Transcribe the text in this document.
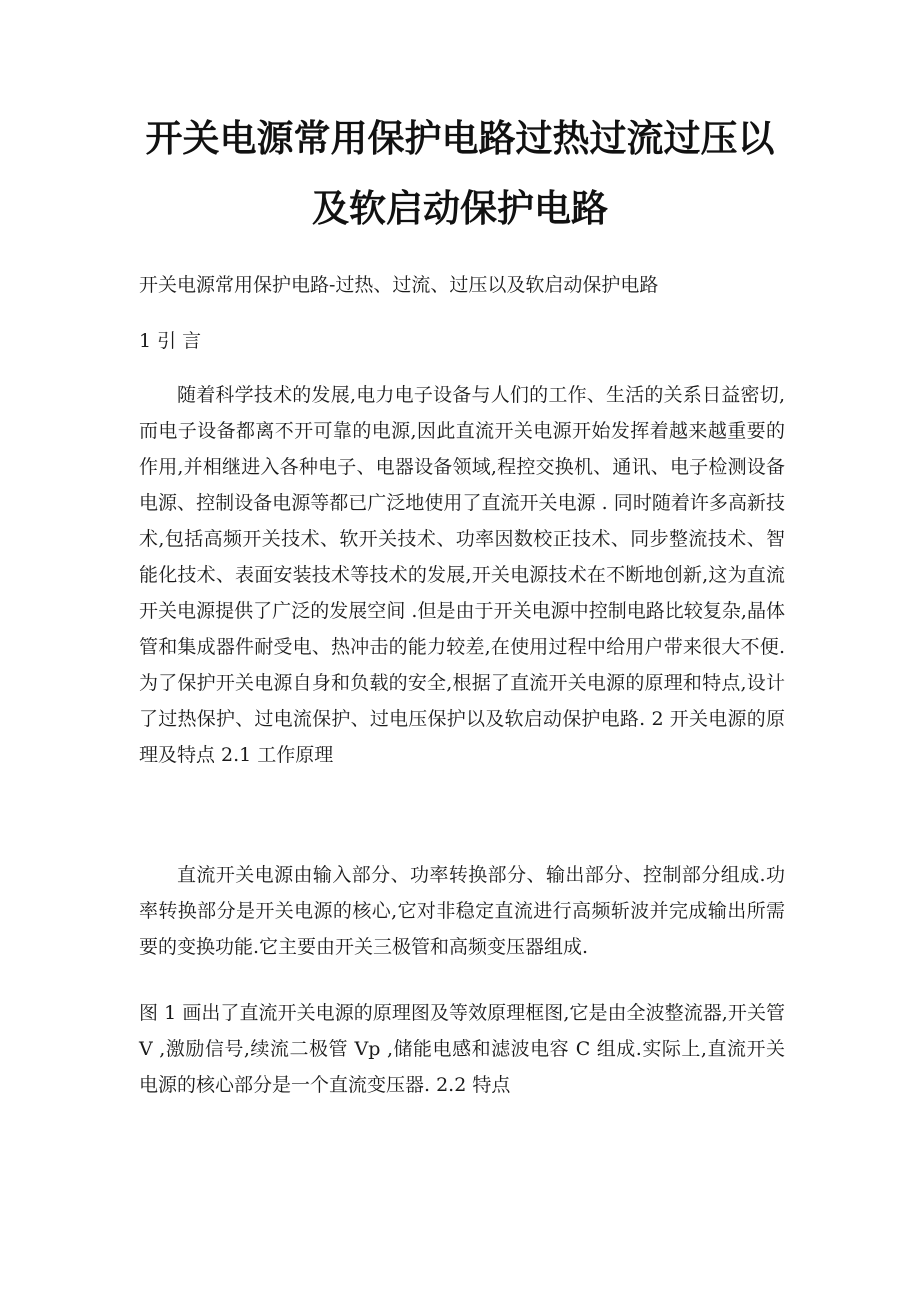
开关电源常用保护电路过热过流过压以
及软启动保护电路

开关电源常用保护电路-过热、过流、过压以及软启动保护电路

1 引 言

随着科学技术的发展,电力电子设备与人们的工作、生活的关系日益密切,而电子设备都离不开可靠的电源,因此直流开关电源开始发挥着越来越重要的作用,并相继进入各种电子、电器设备领域,程控交换机、通讯、电子检测设备电源、控制设备电源等都已广泛地使用了直流开关电源 . 同时随着许多高新技术,包括高频开关技术、软开关技术、功率因数校正技术、同步整流技术、智能化技术、表面安装技术等技术的发展,开关电源技术在不断地创新,这为直流开关电源提供了广泛的发展空间 .但是由于开关电源中控制电路比较复杂,晶体管和集成器件耐受电、热冲击的能力较差,在使用过程中给用户带来很大不便.为了保护开关电源自身和负载的安全,根据了直流开关电源的原理和特点,设计了过热保护、过电流保护、过电压保护以及软启动保护电路. 2 开关电源的原理及特点 2.1 工作原理

直流开关电源由输入部分、功率转换部分、输出部分、控制部分组成.功率转换部分是开关电源的核心,它对非稳定直流进行高频斩波并完成输出所需要的变换功能.它主要由开关三极管和高频变压器组成.

图 1 画出了直流开关电源的原理图及等效原理框图,它是由全波整流器,开关管 V ,激励信号,续流二极管 Vp ,储能电感和滤波电容 C 组成.实际上,直流开关电源的核心部分是一个直流变压器. 2.2 特点
